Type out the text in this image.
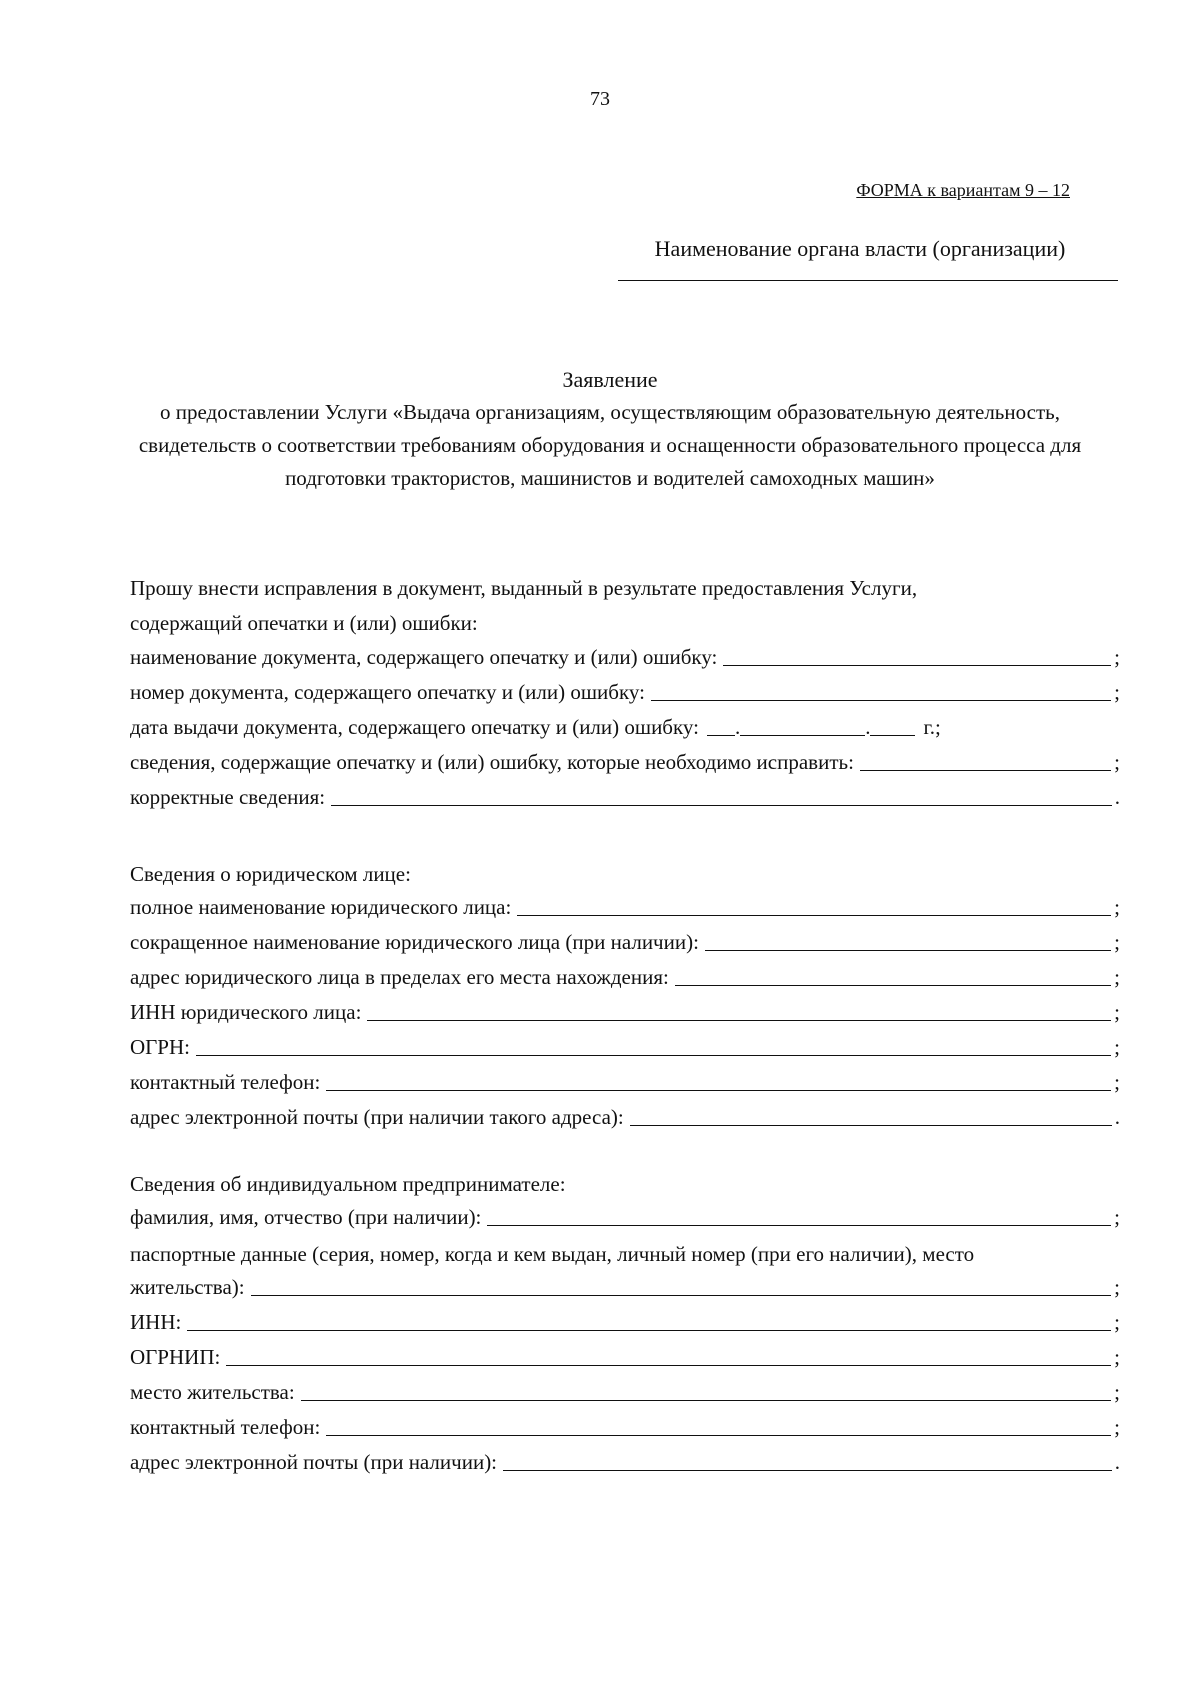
73
ФОРМА к вариантам 9 – 12
Наименование органа власти (организации)
Заявление
о предоставлении Услуги «Выдача организациям, осуществляющим образовательную деятельность, свидетельств о соответствии требованиям оборудования и оснащенности образовательного процесса для подготовки трактористов, машинистов и водителей самоходных машин»
Прошу внести исправления в документ, выданный в результате предоставления Услуги,
содержащий опечатки и (или) ошибки:
наименование документа, содержащего опечатку и (или) ошибку:	;
номер документа, содержащего опечатку и (или) ошибку:	;
дата выдачи документа, содержащего опечатку и (или) ошибку: .	.	г.;
сведения, содержащие опечатку и (или) ошибку, которые необходимо исправить:	;
корректные сведения:	.
Сведения о юридическом лице:
полное наименование юридического лица:	;
сокращенное наименование юридического лица (при наличии):	;
адрес юридического лица в пределах его места нахождения:	;
ИНН юридического лица:	;
ОГРН:	;
контактный телефон:	;
адрес электронной почты (при наличии такого адреса):	.
Сведения об индивидуальном предпринимателе:
фамилия, имя, отчество (при наличии):	;
паспортные данные (серия, номер, когда и кем выдан, личный номер (при его наличии), место
жительства):	;
ИНН:	;
ОГРНИП:	;
место жительства:	;
контактный телефон:	;
адрес электронной почты (при наличии):	.
